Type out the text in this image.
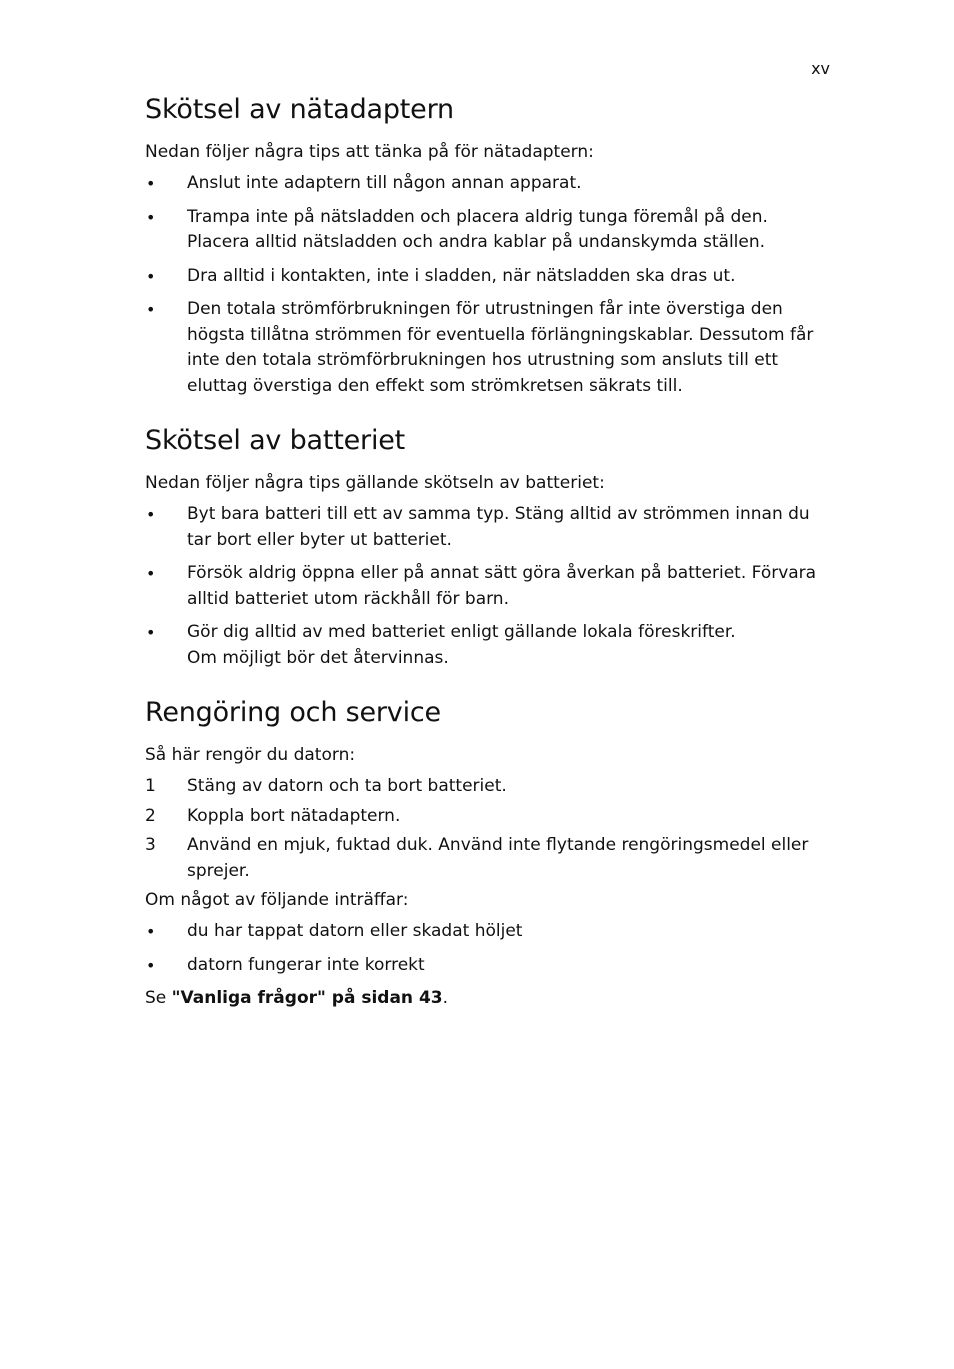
xv
Skötsel av nätadaptern

Nedan följer några tips att tänka på för nätadaptern:

• Anslut inte adaptern till någon annan apparat.
• Trampa inte på nätsladden och placera aldrig tunga föremål på den. Placera alltid nätsladden och andra kablar på undanskymda ställen.
• Dra alltid i kontakten, inte i sladden, när nätsladden ska dras ut.
• Den totala strömförbrukningen för utrustningen får inte överstiga den högsta tillåtna strömmen för eventuella förlängningskablar. Dessutom får inte den totala strömförbrukningen hos utrustning som ansluts till ett eluttag överstiga den effekt som strömkretsen säkrats till.
Skötsel av batteriet

Nedan följer några tips gällande skötseln av batteriet:

• Byt bara batteri till ett av samma typ. Stäng alltid av strömmen innan du tar bort eller byter ut batteriet.
• Försök aldrig öppna eller på annat sätt göra åverkan på batteriet. Förvara alltid batteriet utom räckhåll för barn.
• Gör dig alltid av med batteriet enligt gällande lokala föreskrifter.
Om möjligt bör det återvinnas.
Rengöring och service

Så här rengör du datorn:

1 Stäng av datorn och ta bort batteriet.
2 Koppla bort nätadaptern.
3 Använd en mjuk, fuktad duk. Använd inte flytande rengöringsmedel eller sprejer.

Om något av följande inträffar:

• du har tappat datorn eller skadat höljet
• datorn fungerar inte korrekt

Se "Vanliga frågor" på sidan 43.
